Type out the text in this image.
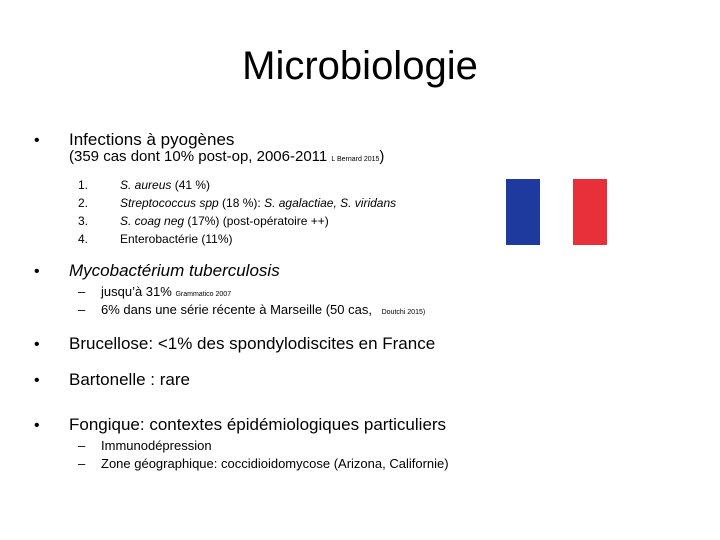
Microbiologie
• Infections à pyogènes
(359 cas dont 10% post-op, 2006-2011 L Bernard 2015)
1.	S. aureus (41 %)
2.	Streptococcus spp (18 %): S. agalactiae, S. viridans
3.	S. coag neg (17%) (post-opératoire ++)
4.	Enterobactérie (11%)
• Mycobactérium tuberculosis
– jusqu’à 31% Grammatico 2007
– 6% dans une série récente à Marseille (50 cas, Doutchi 2015)
• Brucellose: <1% des spondylodiscites en France
• Bartonelle : rare
• Fongique: contextes épidémiologiques particuliers
– Immunodépression
– Zone géographique: coccidioidomycose (Arizona, Californie)
